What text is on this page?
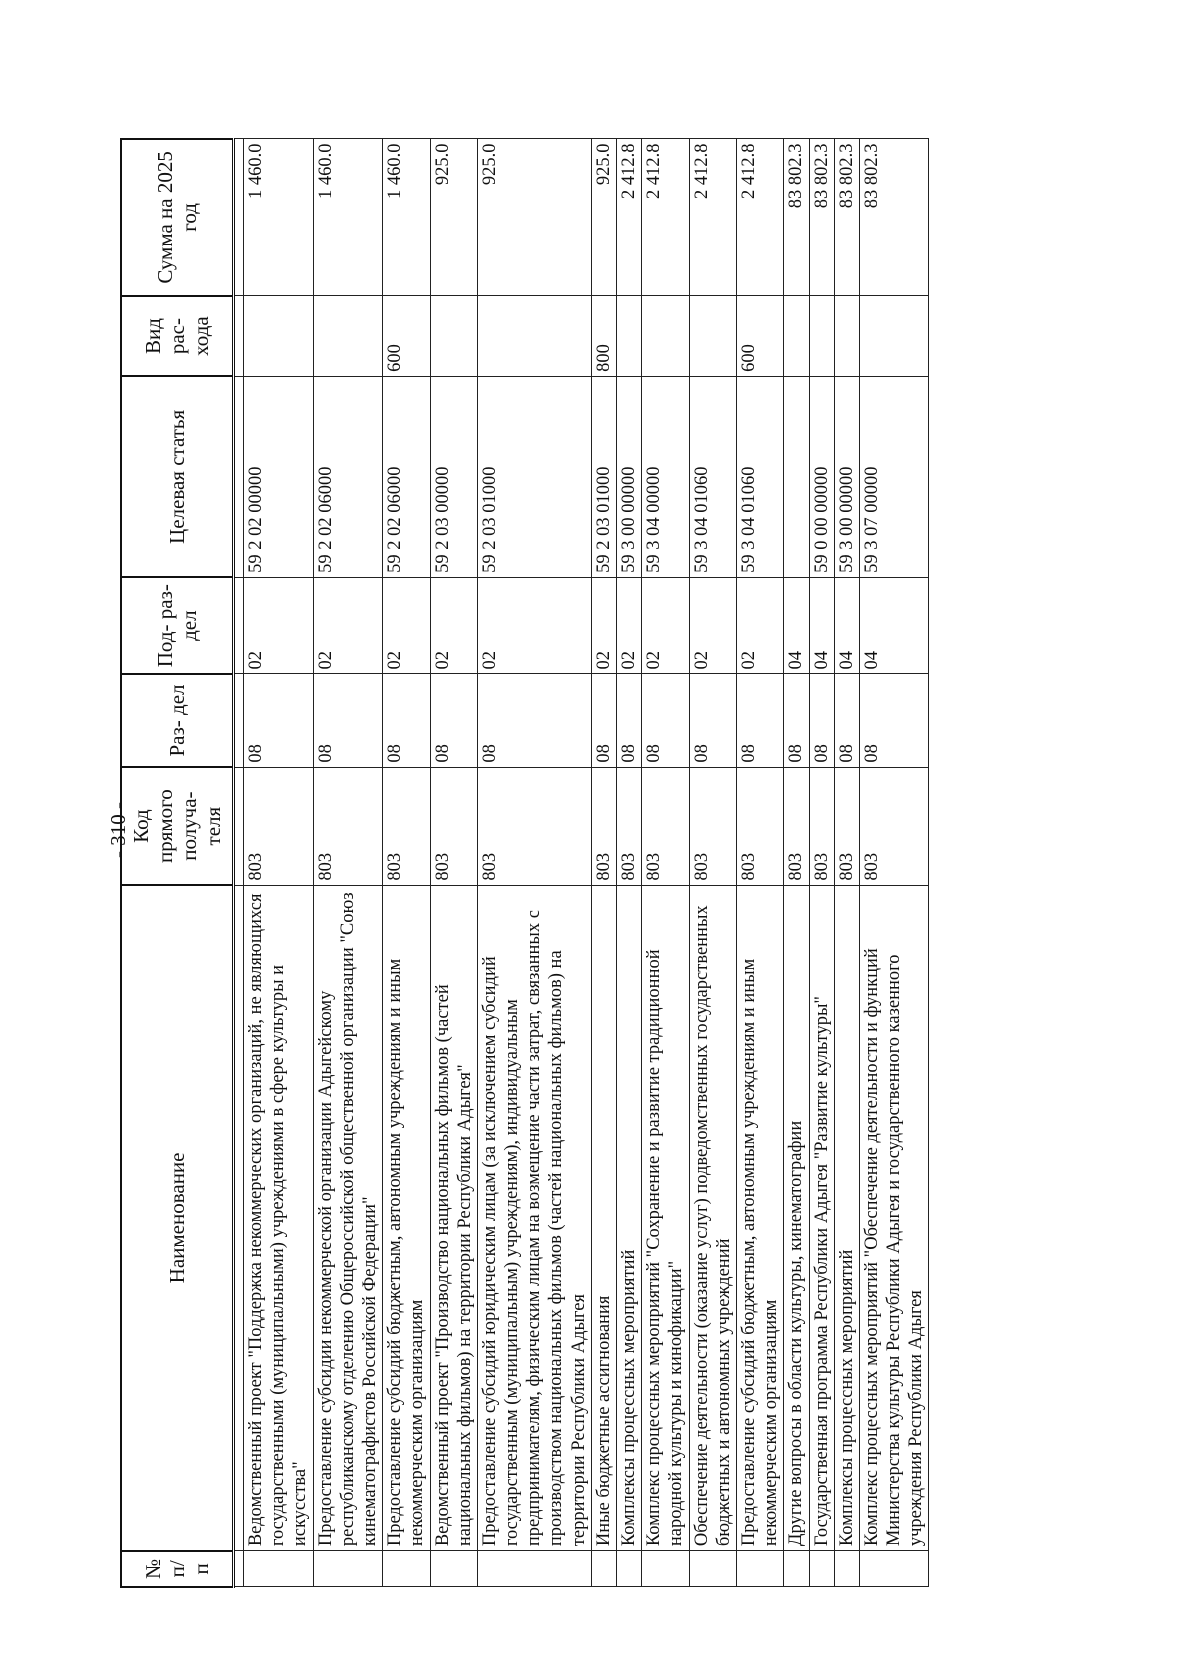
- 310 -
№ п/п	Наименование	Код прямого получа- теля	Раз- дел	Под- раз- дел	Целевая статья	Вид рас- хода	Сумма на 2025 год

	Ведомственный проект "Поддержка некоммерческих организаций, не являющихся государственными (муниципальными) учреждениями в сфере культуры и искусства"	803	08	02	59 2 02 00000		1 460.0
	Предоставление субсидии некоммерческой организации Адыгейскому республиканскому отделению Общероссийской общественной организации "Союз кинематографистов Российской Федерации"	803	08	02	59 2 02 06000		1 460.0
	Предоставление субсидий бюджетным, автономным учреждениям и иным некоммерческим организациям	803	08	02	59 2 02 06000	600	1 460.0
	Ведомственный проект "Производство национальных фильмов (частей национальных фильмов) на территории Республики Адыгея"	803	08	02	59 2 03 00000		925.0
	Предоставление субсидий юридическим лицам (за исключением субсидий государственным (муниципальным) учреждениям), индивидуальным предпринимателям, физическим лицам на возмещение части затрат, связанных с производством национальных фильмов (частей национальных фильмов) на территории Республики Адыгея	803	08	02	59 2 03 01000		925.0
	Иные бюджетные ассигнования	803	08	02	59 2 03 01000	800	925.0
	Комплексы процессных мероприятий	803	08	02	59 3 00 00000		2 412.8
	Комплекс процессных мероприятий "Сохранение и развитие традиционной народной культуры и кинофикации"	803	08	02	59 3 04 00000		2 412.8
	Обеспечение деятельности (оказание услуг) подведомственных государственных бюджетных и автономных учреждений	803	08	02	59 3 04 01060		2 412.8
	Предоставление субсидий бюджетным, автономным учреждениям и иным некоммерческим организациям	803	08	02	59 3 04 01060	600	2 412.8
	Другие вопросы в области культуры, кинематографии	803	08	04			83 802.3
	Государственная программа Республики Адыгея "Развитие культуры"	803	08	04	59 0 00 00000		83 802.3
	Комплексы процессных мероприятий	803	08	04	59 3 00 00000		83 802.3
	Комплекс процессных мероприятий "Обеспечение деятельности и функций Министерства культуры Республики Адыгея и государственного казенного учреждения Республики Адыгея	803	08	04	59 3 07 00000		83 802.3
